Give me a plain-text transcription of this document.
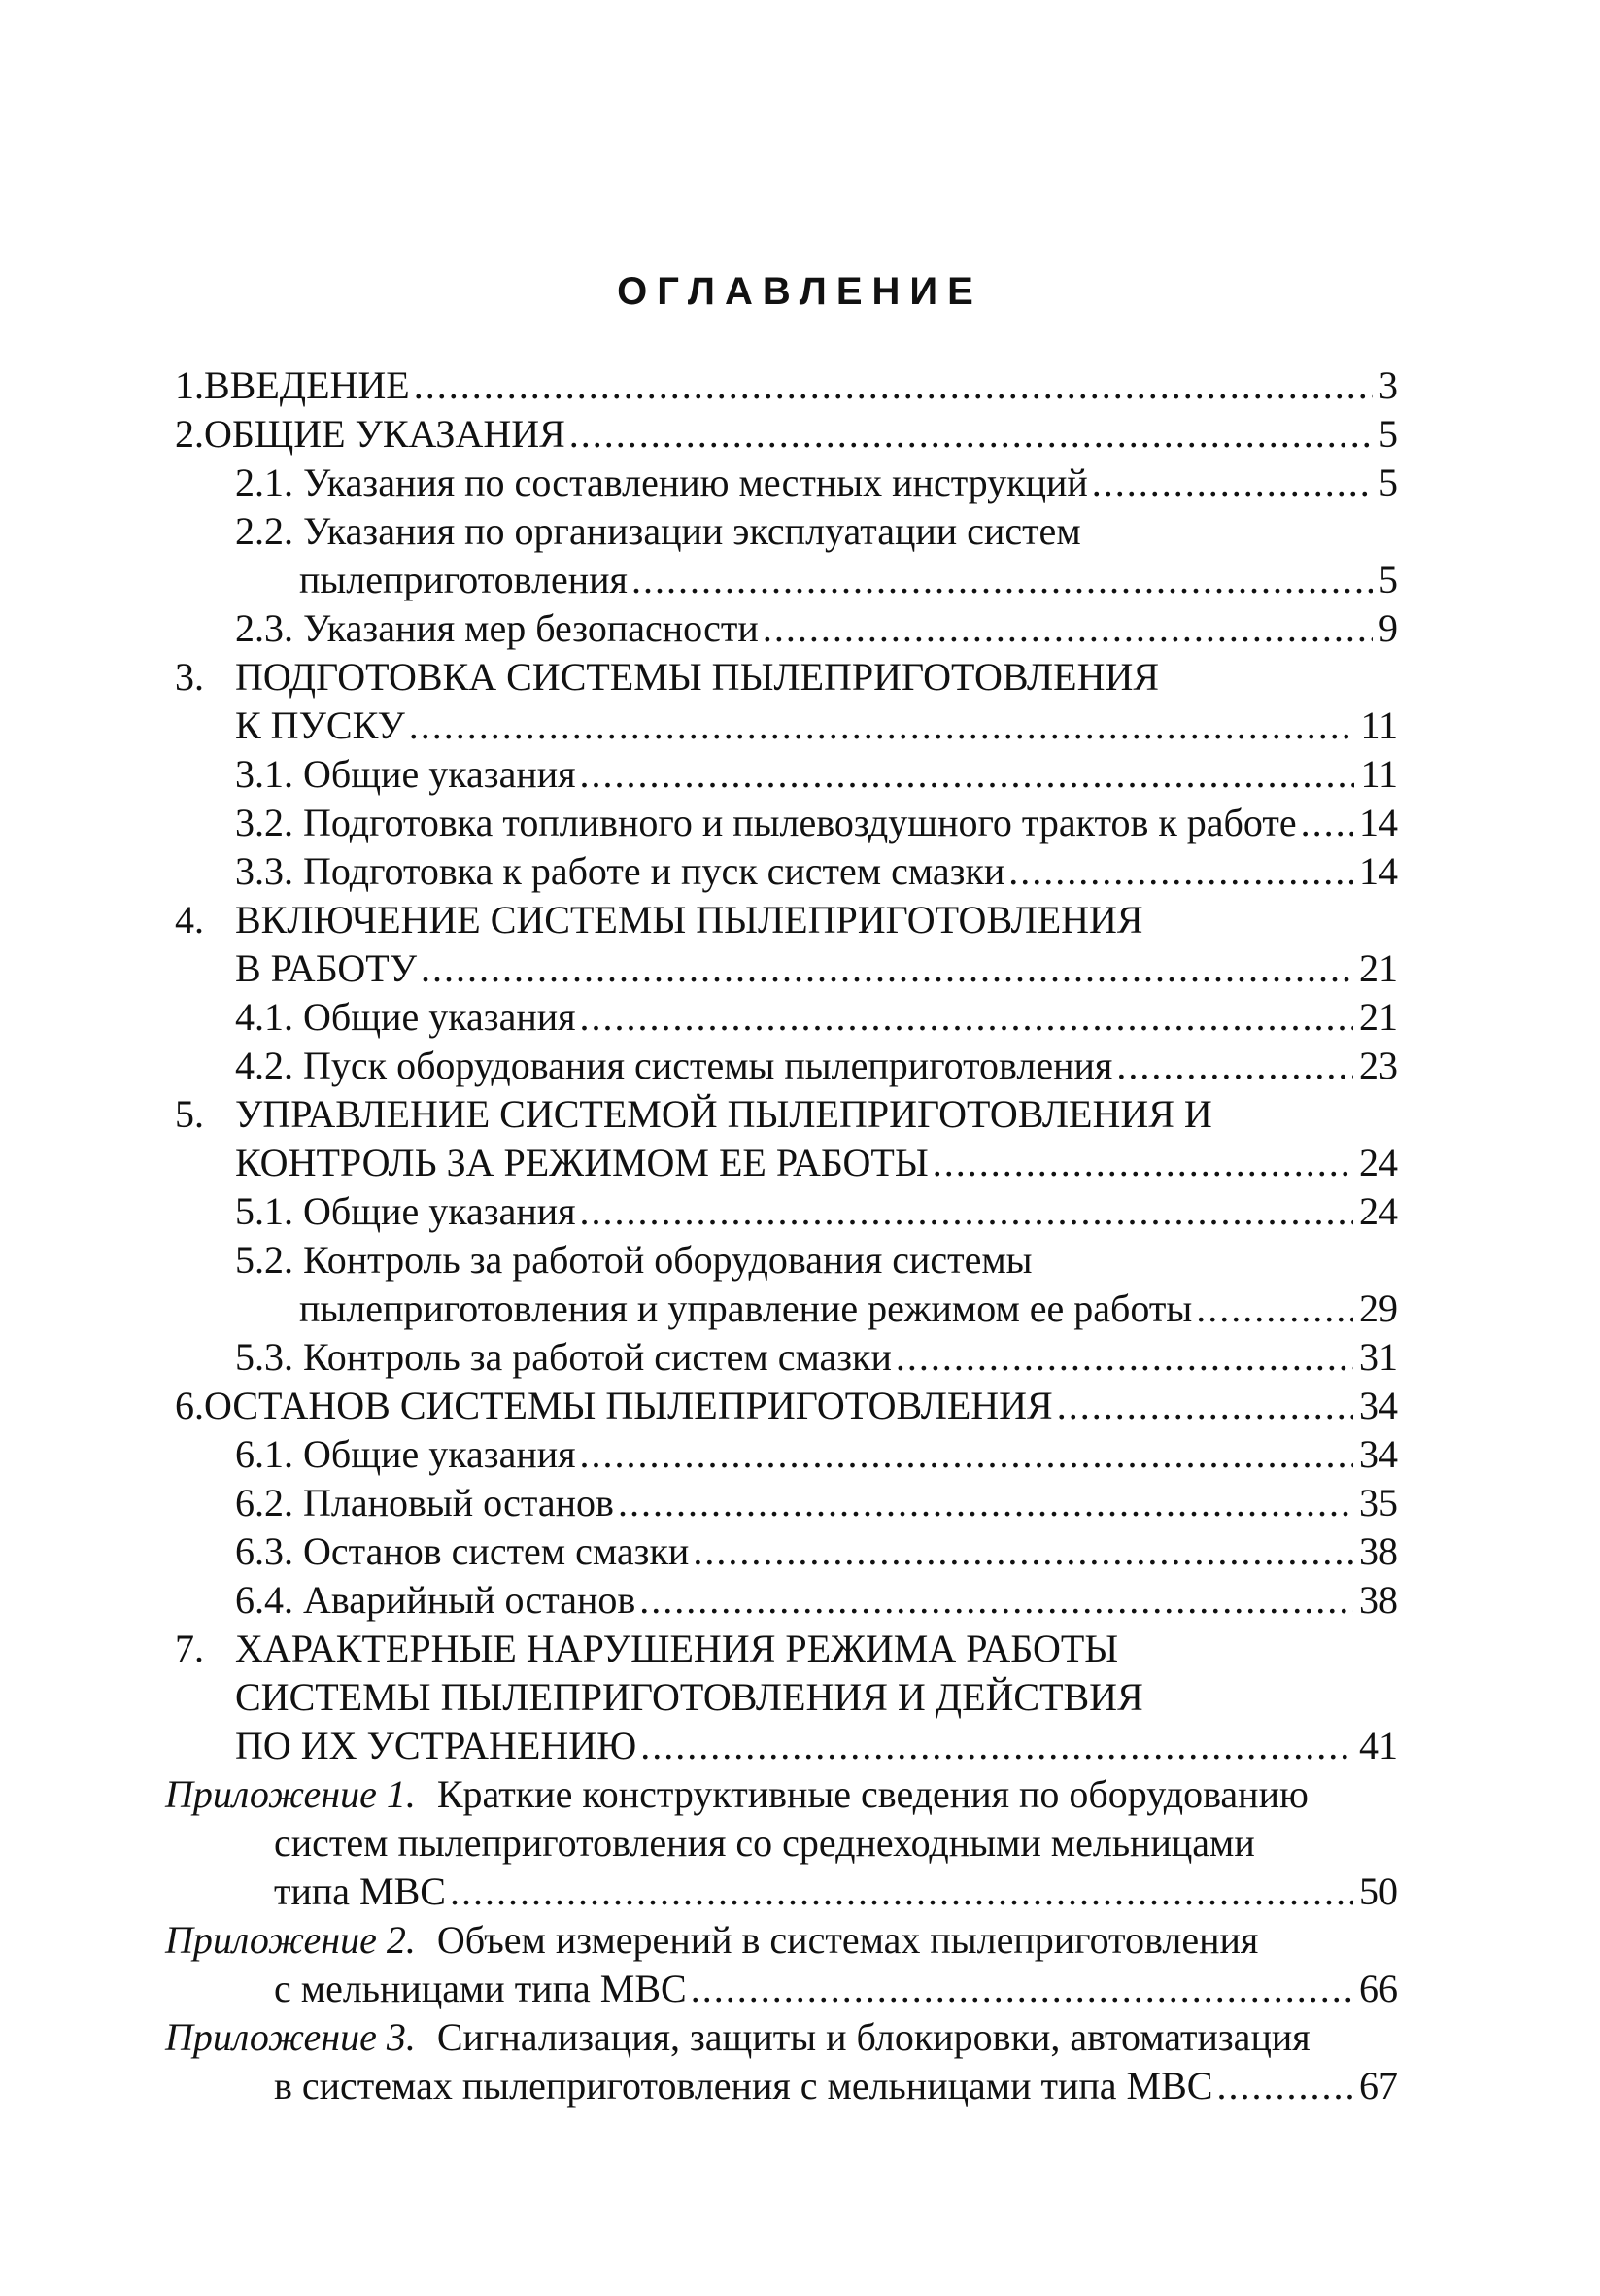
ОГЛАВЛЕНИЕ
1. ВВЕДЕНИЕ .....	3
2. ОБЩИЕ УКАЗАНИЯ .....	5
2.1. Указания по составлению местных инструкций .....	5
2.2. Указания по организации эксплуатации систем
пылеприготовления .....	5
2.3. Указания мер безопасности .....	9
3. ПОДГОТОВКА СИСТЕМЫ ПЫЛЕПРИГОТОВЛЕНИЯ
К ПУСКУ .....	11
3.1. Общие указания .....	11
3.2. Подготовка топливного и пылевоздушного трактов к работе ..... 14
3.3. Подготовка к работе и пуск систем смазки .....	14
4. ВКЛЮЧЕНИЕ СИСТЕМЫ ПЫЛЕПРИГОТОВЛЕНИЯ
В РАБОТУ .....	21
4.1. Общие указания .....	21
4.2. Пуск оборудования системы пылеприготовления .....	23
5. УПРАВЛЕНИЕ СИСТЕМОЙ ПЫЛЕПРИГОТОВЛЕНИЯ И
КОНТРОЛЬ ЗА РЕЖИМОМ ЕЕ РАБОТЫ .....	24
5.1. Общие указания .....	24
5.2. Контроль за работой оборудования системы
пылеприготовления и управление режимом ее работы .....	29
5.3. Контроль за работой систем смазки .....	31
6. ОСТАНОВ СИСТЕМЫ ПЫЛЕПРИГОТОВЛЕНИЯ .....	34
6.1. Общие указания .....	34
6.2. Плановый останов .....	35
6.3. Останов систем смазки .....	38
6.4. Аварийный останов .....	38
7. ХАРАКТЕРНЫЕ НАРУШЕНИЯ РЕЖИМА РАБОТЫ
СИСТЕМЫ ПЫЛЕПРИГОТОВЛЕНИЯ И ДЕЙСТВИЯ
ПО ИХ УСТРАНЕНИЮ .....	41
Приложение 1. Краткие конструктивные сведения по оборудованию
систем пылеприготовления со среднеходными мельницами
типа МВС .....	50
Приложение 2. Объем измерений в системах пылеприготовления
с мельницами типа МВС .....	66
Приложение 3. Сигнализация, защиты и блокировки, автоматизация
в системах пылеприготовления с мельницами типа МВС .....	67
